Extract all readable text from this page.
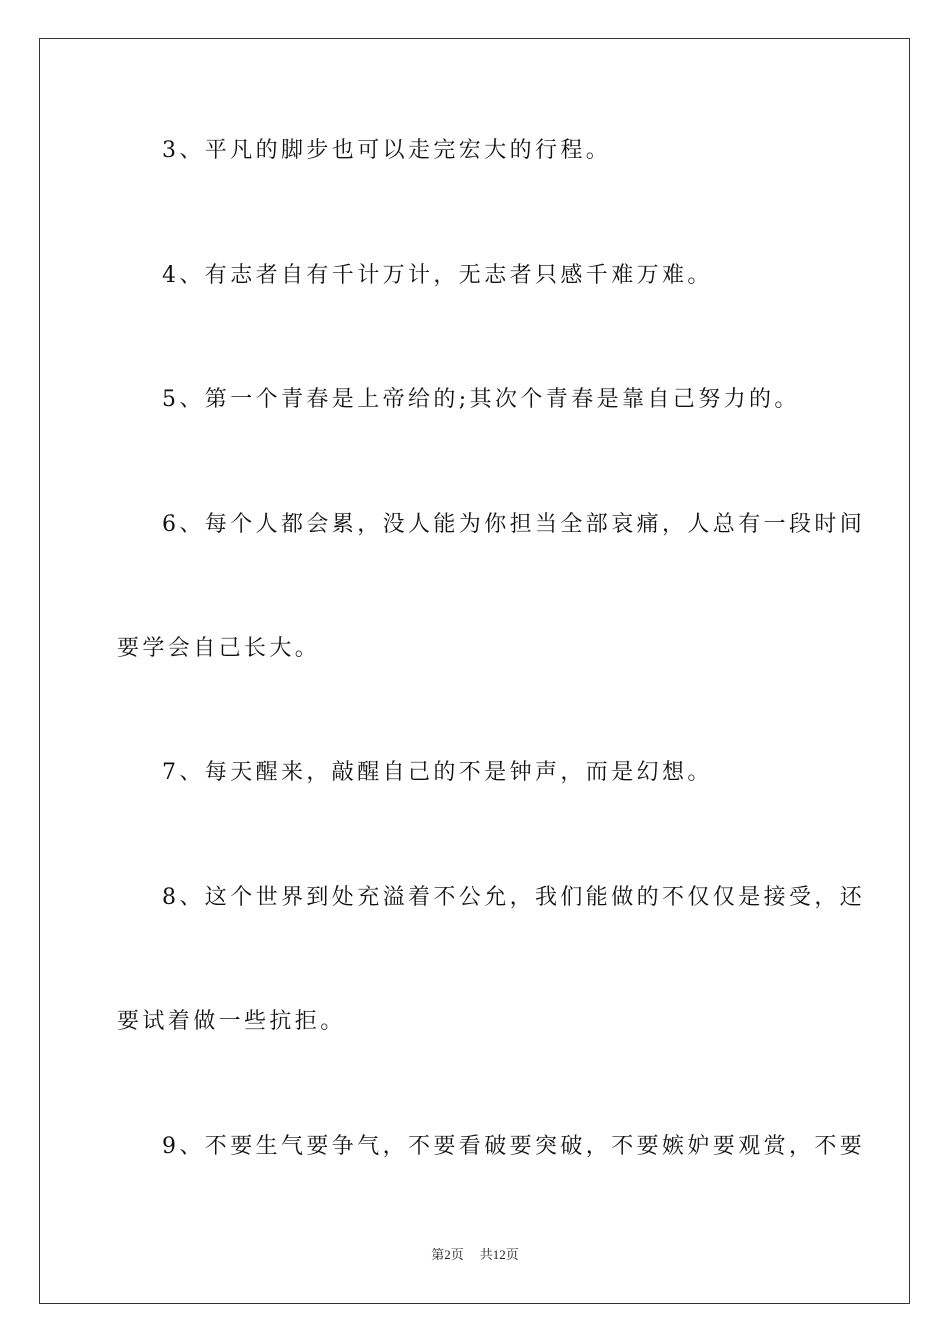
3、平凡的脚步也可以走完宏大的行程。
4、有志者自有千计万计，无志者只感千难万难。
5、第一个青春是上帝给的;其次个青春是靠自己努力的。
6、每个人都会累，没人能为你担当全部哀痛，人总有一段时间
要学会自己长大。
7、每天醒来，敲醒自己的不是钟声，而是幻想。
8、这个世界到处充溢着不公允，我们能做的不仅仅是接受，还
要试着做一些抗拒。
9、不要生气要争气，不要看破要突破，不要嫉妒要观赏，不要
第2页 共12页
